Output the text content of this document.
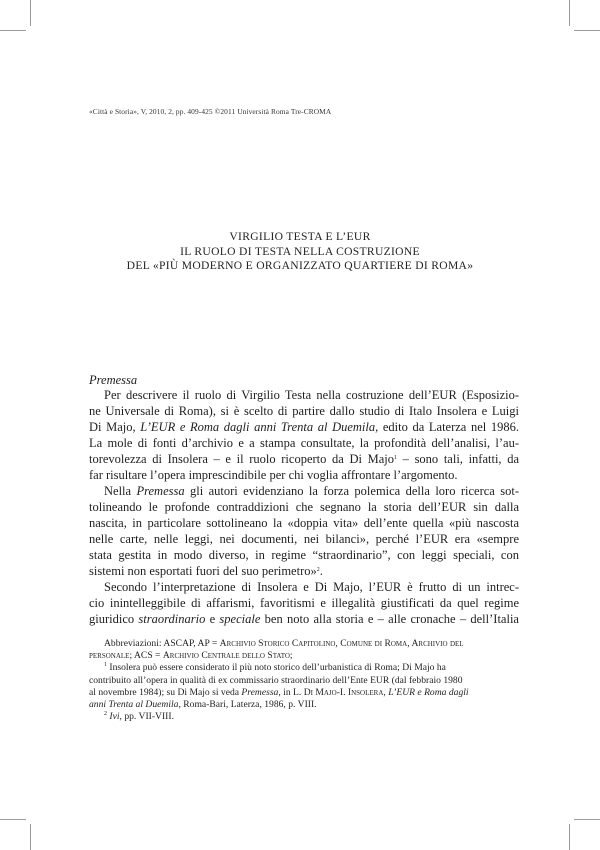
«Città e Storia», V, 2010, 2, pp. 409-425 ©2011 Università Roma Tre-CROMA
VIRGILIO TESTA E L’EUR
IL RUOLO DI TESTA NELLA COSTRUZIONE
DEL «PIÙ MODERNO E ORGANIZZATO QUARTIERE DI ROMA»
Premessa
Per descrivere il ruolo di Virgilio Testa nella costruzione dell’EUR (Esposizio-
ne Universale di Roma), si è scelto di partire dallo studio di Italo Insolera e Luigi
Di Majo, L’EUR e Roma dagli anni Trenta al Duemila, edito da Laterza nel 1986.
La mole di fonti d’archivio e a stampa consultate, la profondità dell’analisi, l’au-
torevolezza di Insolera – e il ruolo ricoperto da Di Majo$^1$ – sono tali, infatti, da
far risultare l’opera imprescindibile per chi voglia affrontare l’argomento.
Nella Premessa gli autori evidenziano la forza polemica della loro ricerca sot-
tolineando le profonde contraddizioni che segnano la storia dell’EUR sin dalla
nascita, in particolare sottolineano la «doppia vita» dell’ente quella «più nascosta
nelle carte, nelle leggi, nei documenti, nei bilanci», perché l’EUR era «sempre
stata gestita in modo diverso, in regime “straordinario”, con leggi speciali, con
sistemi non esportati fuori del suo perimetro»$^2$.
Secondo l’interpretazione di Insolera e Di Majo, l’EUR è frutto di un intrec-
cio inintelleggibile di affarismi, favoritismi e illegalità giustificati da quel regime
giuridico straordinario e speciale ben noto alla storia e – alle cronache – dell’Italia
Abbreviazioni: ASCAP, AP = Archivio Storico Capitolino, Comune di Roma, Archivio del
personale; ACS = Archivio Centrale dello Stato;
$^1$ Insolera può essere considerato il più noto storico dell’urbanistica di Roma; Di Majo ha
contribuito all’opera in qualità di ex commissario straordinario dell’Ente EUR (dal febbraio 1980
al novembre 1984); su Di Majo si veda Premessa, in L. Di Majo-I. Insolera, L’EUR e Roma dagli
anni Trenta al Duemila, Roma-Bari, Laterza, 1986, p. VIII.
$^2$ Ivi, pp. VII-VIII.
